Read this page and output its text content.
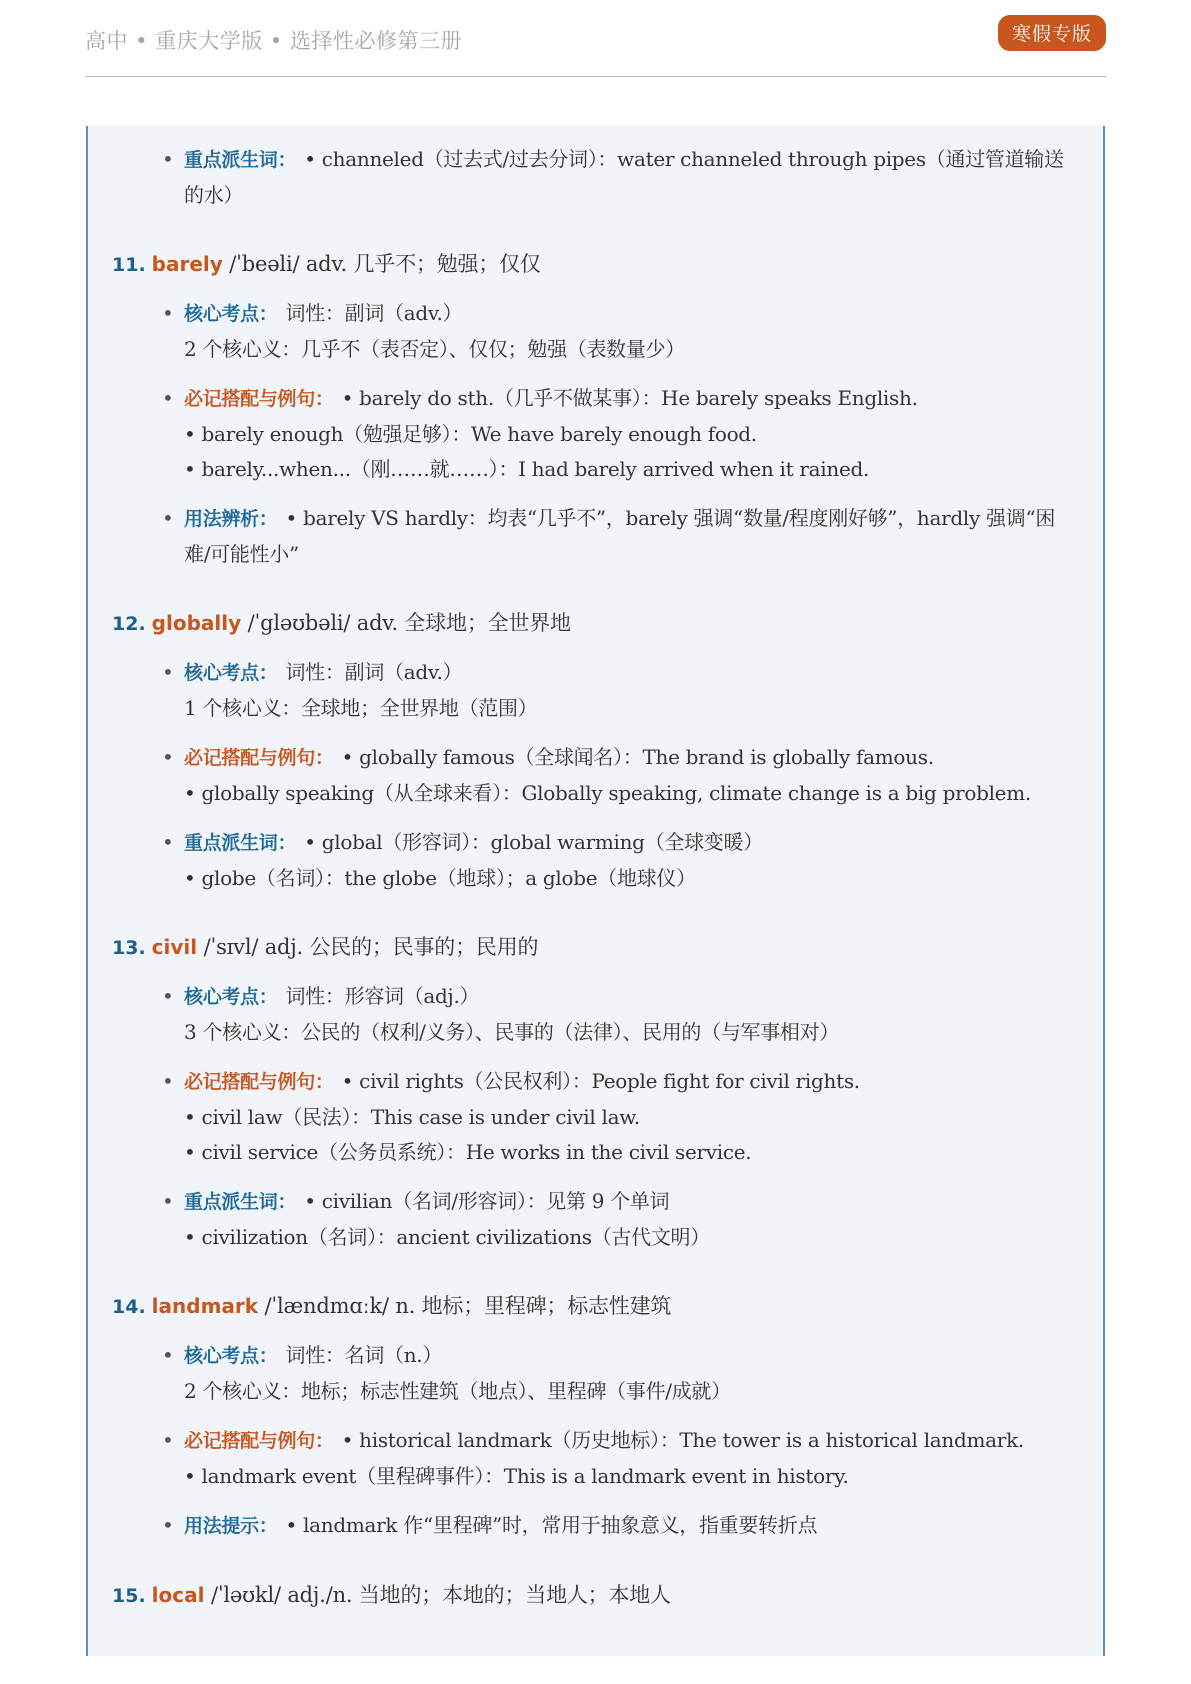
高中 • 重庆大学版 • 选择性必修第三册	寒假专版
• 重点派生词： • channeled（过去式/过去分词）：water channeled through pipes（通过管道输送的水）

11. barely /ˈbeəli/ adv. 几乎不；勉强；仅仅

• 核心考点： 词性：副词（adv.）
2 个核心义：几乎不（表否定）、仅仅；勉强（表数量少）
• 必记搭配与例句： • barely do sth.（几乎不做某事）：He barely speaks English.
• barely enough（勉强足够）：We have barely enough food.
• barely...when...（刚……就……）：I had barely arrived when it rained.
• 用法辨析： • barely VS hardly：均表“几乎不”，barely 强调“数量/程度刚好够”，hardly 强调“困难/可能性小”

12. globally /ˈgləʊbəli/ adv. 全球地；全世界地

• 核心考点： 词性：副词（adv.）
1 个核心义：全球地；全世界地（范围）
• 必记搭配与例句： • globally famous（全球闻名）：The brand is globally famous.
• globally speaking（从全球来看）：Globally speaking, climate change is a big problem.
• 重点派生词： • global（形容词）：global warming（全球变暖）
• globe（名词）：the globe（地球）；a globe（地球仪）

13. civil /ˈsɪvl/ adj. 公民的；民事的；民用的

• 核心考点： 词性：形容词（adj.）
3 个核心义：公民的（权利/义务）、民事的（法律）、民用的（与军事相对）
• 必记搭配与例句： • civil rights（公民权利）：People fight for civil rights.
• civil law（民法）：This case is under civil law.
• civil service（公务员系统）：He works in the civil service.
• 重点派生词： • civilian（名词/形容词）：见第 9 个单词
• civilization（名词）：ancient civilizations（古代文明）

14. landmark /ˈlændmɑːk/ n. 地标；里程碑；标志性建筑

• 核心考点： 词性：名词（n.）
2 个核心义：地标；标志性建筑（地点）、里程碑（事件/成就）
• 必记搭配与例句： • historical landmark（历史地标）：The tower is a historical landmark.
• landmark event（里程碑事件）：This is a landmark event in history.
• 用法提示： • landmark 作“里程碑”时，常用于抽象意义，指重要转折点

15. local /ˈləʊkl/ adj./n. 当地的；本地的；当地人；本地人
